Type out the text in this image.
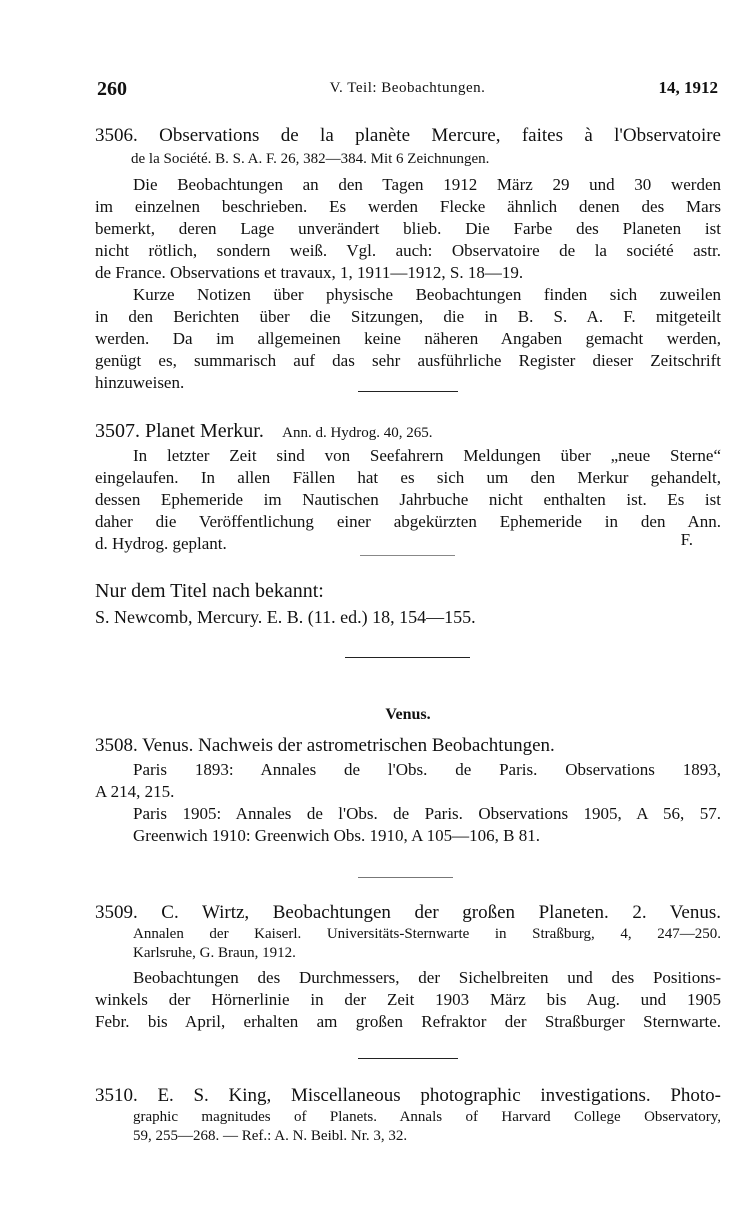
260	V. Teil: Beobachtungen.	14, 1912
3506. Observations de la planète Mercure, faites à l'Observatoire
de la Société. B. S. A. F. 26, 382—384. Mit 6 Zeichnungen.
Die Beobachtungen an den Tagen 1912 März 29 und 30 werden
im einzelnen beschrieben. Es werden Flecke ähnlich denen des Mars
bemerkt, deren Lage unverändert blieb. Die Farbe des Planeten ist
nicht rötlich, sondern weiß. Vgl. auch: Observatoire de la société astr.
de France. Observations et travaux, 1, 1911—1912, S. 18—19.
Kurze Notizen über physische Beobachtungen finden sich zuweilen
in den Berichten über die Sitzungen, die in B. S. A. F. mitgeteilt
werden. Da im allgemeinen keine näheren Angaben gemacht werden,
genügt es, summarisch auf das sehr ausführliche Register dieser Zeitschrift
hinzuweisen.
3507. Planet Merkur. Ann. d. Hydrog. 40, 265.
In letzter Zeit sind von Seefahrern Meldungen über „neue Sterne“
eingelaufen. In allen Fällen hat es sich um den Merkur gehandelt,
dessen Ephemeride im Nautischen Jahrbuche nicht enthalten ist. Es ist
daher die Veröffentlichung einer abgekürzten Ephemeride in den Ann.
d. Hydrog. geplant.	F.
Nur dem Titel nach bekannt:
S. Newcomb, Mercury. E. B. (11. ed.) 18, 154—155.
Venus.
3508. Venus. Nachweis der astrometrischen Beobachtungen.
Paris 1893: Annales de l'Obs. de Paris. Observations 1893,
A 214, 215.
Paris 1905: Annales de l'Obs. de Paris. Observations 1905, A 56, 57.
Greenwich 1910: Greenwich Obs. 1910, A 105—106, B 81.
3509. C. Wirtz, Beobachtungen der großen Planeten. 2. Venus.
Annalen der Kaiserl. Universitäts-Sternwarte in Straßburg, 4, 247—250.
Karlsruhe, G. Braun, 1912.
Beobachtungen des Durchmessers, der Sichelbreiten und des Positions-
winkels der Hörnerlinie in der Zeit 1903 März bis Aug. und 1905
Febr. bis April, erhalten am großen Refraktor der Straßburger Sternwarte.
3510. E. S. King, Miscellaneous photographic investigations. Photo-
graphic magnitudes of Planets. Annals of Harvard College Observatory,
59, 255—268. — Ref.: A. N. Beibl. Nr. 3, 32.
